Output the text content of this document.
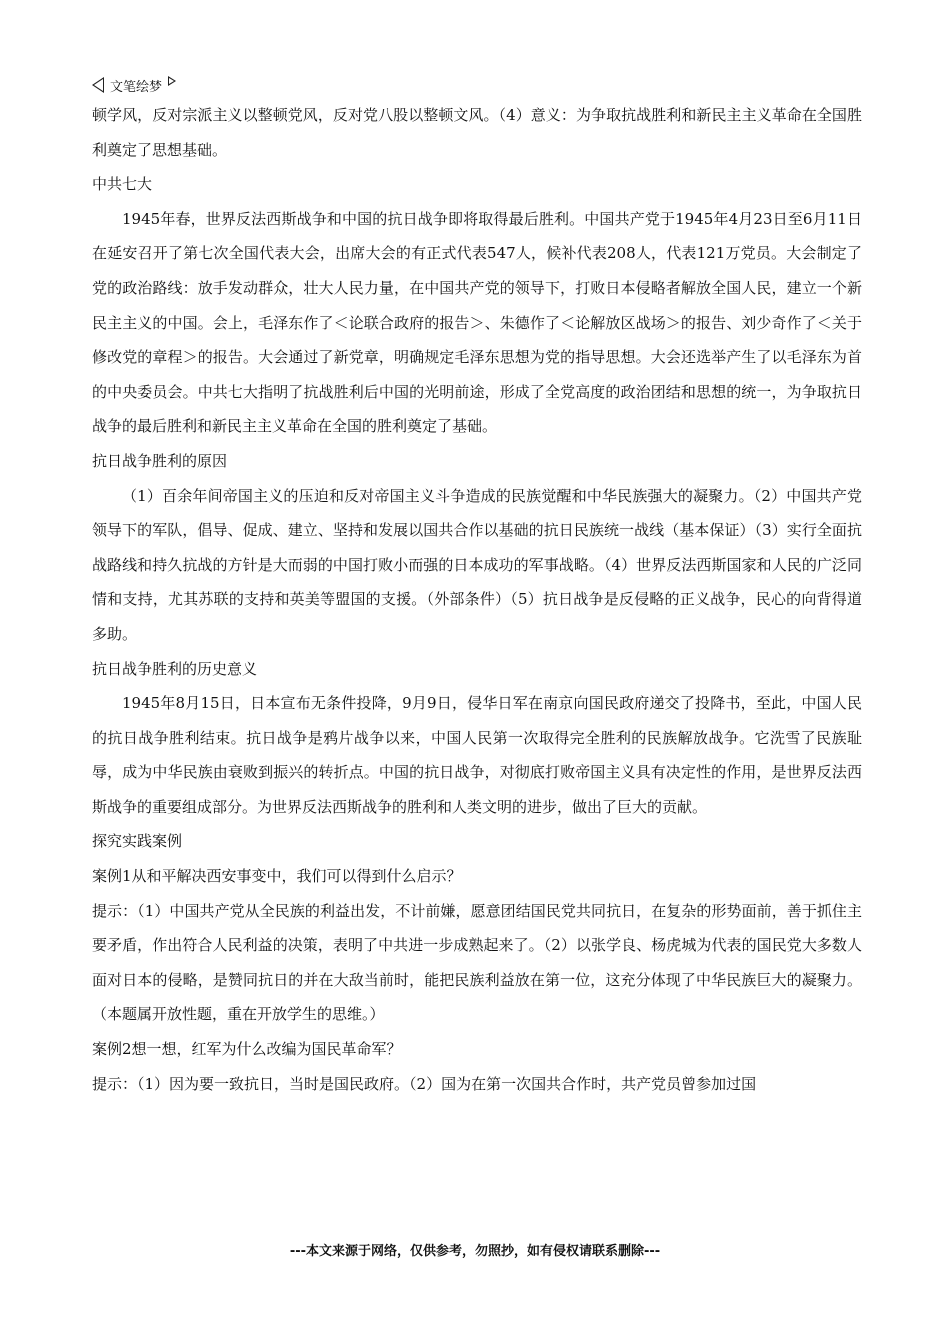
文笔绘梦

顿学风，反对宗派主义以整顿党风，反对党八股以整顿文风。（4）意义：为争取抗战胜利和新民主主义革命在全国胜利奠定了思想基础。

中共七大

1945年春，世界反法西斯战争和中国的抗日战争即将取得最后胜利。中国共产党于1945年4月23日至6月11日在延安召开了第七次全国代表大会，出席大会的有正式代表547人，候补代表208人，代表121万党员。大会制定了党的政治路线：放手发动群众，壮大人民力量，在中国共产党的领导下，打败日本侵略者解放全国人民，建立一个新民主主义的中国。会上，毛泽东作了＜论联合政府的报告＞、朱德作了＜论解放区战场＞的报告、刘少奇作了＜关于修改党的章程＞的报告。大会通过了新党章，明确规定毛泽东思想为党的指导思想。大会还选举产生了以毛泽东为首的中央委员会。中共七大指明了抗战胜利后中国的光明前途，形成了全党高度的政治团结和思想的统一，为争取抗日战争的最后胜利和新民主主义革命在全国的胜利奠定了基础。

抗日战争胜利的原因

（1）百余年间帝国主义的压迫和反对帝国主义斗争造成的民族觉醒和中华民族强大的凝聚力。（2）中国共产党领导下的军队，倡导、促成、建立、坚持和发展以国共合作以基础的抗日民族统一战线（基本保证）（3）实行全面抗战路线和持久抗战的方针是大而弱的中国打败小而强的日本成功的军事战略。（4）世界反法西斯国家和人民的广泛同情和支持，尤其苏联的支持和英美等盟国的支援。（外部条件）（5）抗日战争是反侵略的正义战争，民心的向背得道多助。

抗日战争胜利的历史意义

1945年8月15日，日本宣布无条件投降，9月9日，侵华日军在南京向国民政府递交了投降书，至此，中国人民的抗日战争胜利结束。抗日战争是鸦片战争以来，中国人民第一次取得完全胜利的民族解放战争。它洗雪了民族耻辱，成为中华民族由衰败到振兴的转折点。中国的抗日战争，对彻底打败帝国主义具有决定性的作用，是世界反法西斯战争的重要组成部分。为世界反法西斯战争的胜利和人类文明的进步，做出了巨大的贡献。

探究实践案例

案例1从和平解决西安事变中，我们可以得到什么启示？

提示：（1）中国共产党从全民族的利益出发，不计前嫌，愿意团结国民党共同抗日，在复杂的形势面前，善于抓住主要矛盾，作出符合人民利益的决策，表明了中共进一步成熟起来了。（2）以张学良、杨虎城为代表的国民党大多数人面对日本的侵略，是赞同抗日的并在大敌当前时，能把民族利益放在第一位，这充分体现了中华民族巨大的凝聚力。（本题属开放性题，重在开放学生的思维。）

案例2想一想，红军为什么改编为国民革命军？

提示：（1）因为要一致抗日，当时是国民政府。（2）国为在第一次国共合作时，共产党员曾参加过国

---本文来源于网络，仅供参考，勿照抄，如有侵权请联系删除---
